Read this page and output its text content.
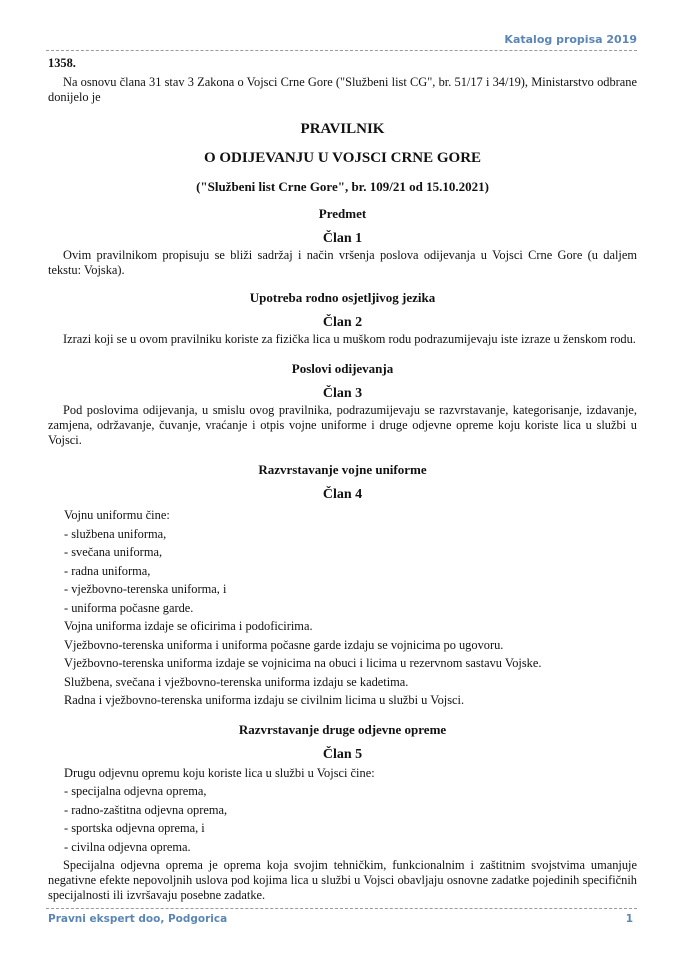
Katalog propisa 2019

1358.

Na osnovu člana 31 stav 3 Zakona o Vojsci Crne Gore ("Službeni list CG", br. 51/17 i 34/19), Ministarstvo odbrane donijelo je

PRAVILNIK

O ODIJEVANJU U VOJSCI CRNE GORE

("Službeni list Crne Gore", br. 109/21 od 15.10.2021)

Predmet

Član 1

Ovim pravilnikom propisuju se bliži sadržaj i način vršenja poslova odijevanja u Vojsci Crne Gore (u daljem tekstu: Vojska).

Upotreba rodno osjetljivog jezika

Član 2

Izrazi koji se u ovom pravilniku koriste za fizička lica u muškom rodu podrazumijevaju iste izraze u ženskom rodu.

Poslovi odijevanja

Član 3

Pod poslovima odijevanja, u smislu ovog pravilnika, podrazumijevaju se razvrstavanje, kategorisanje, izdavanje, zamjena, održavanje, čuvanje, vraćanje i otpis vojne uniforme i druge odjevne opreme koju koriste lica u službi u Vojsci.

Razvrstavanje vojne uniforme

Član 4

Vojnu uniformu čine:

- službena uniforma,

- svečana uniforma,

- radna uniforma,

- vježbovno-terenska uniforma, i

- uniforma počasne garde.

Vojna uniforma izdaje se oficirima i podoficirima.

Vježbovno-terenska uniforma i uniforma počasne garde izdaju se vojnicima po ugovoru.

Vježbovno-terenska uniforma izdaje se vojnicima na obuci i licima u rezervnom sastavu Vojske.

Službena, svečana i vježbovno-terenska uniforma izdaju se kadetima.

Radna i vježbovno-terenska uniforma izdaju se civilnim licima u službi u Vojsci.

Razvrstavanje druge odjevne opreme

Član 5

Drugu odjevnu opremu koju koriste lica u službi u Vojsci čine:

- specijalna odjevna oprema,

- radno-zaštitna odjevna oprema,

- sportska odjevna oprema, i

- civilna odjevna oprema.

Specijalna odjevna oprema je oprema koja svojim tehničkim, funkcionalnim i zaštitnim svojstvima umanjuje negativne efekte nepovoljnih uslova pod kojima lica u službi u Vojsci obavljaju osnovne zadatke pojedinih specifičnih specijalnosti ili izvršavaju posebne zadatke.

Pravni ekspert doo, Podgorica	1
